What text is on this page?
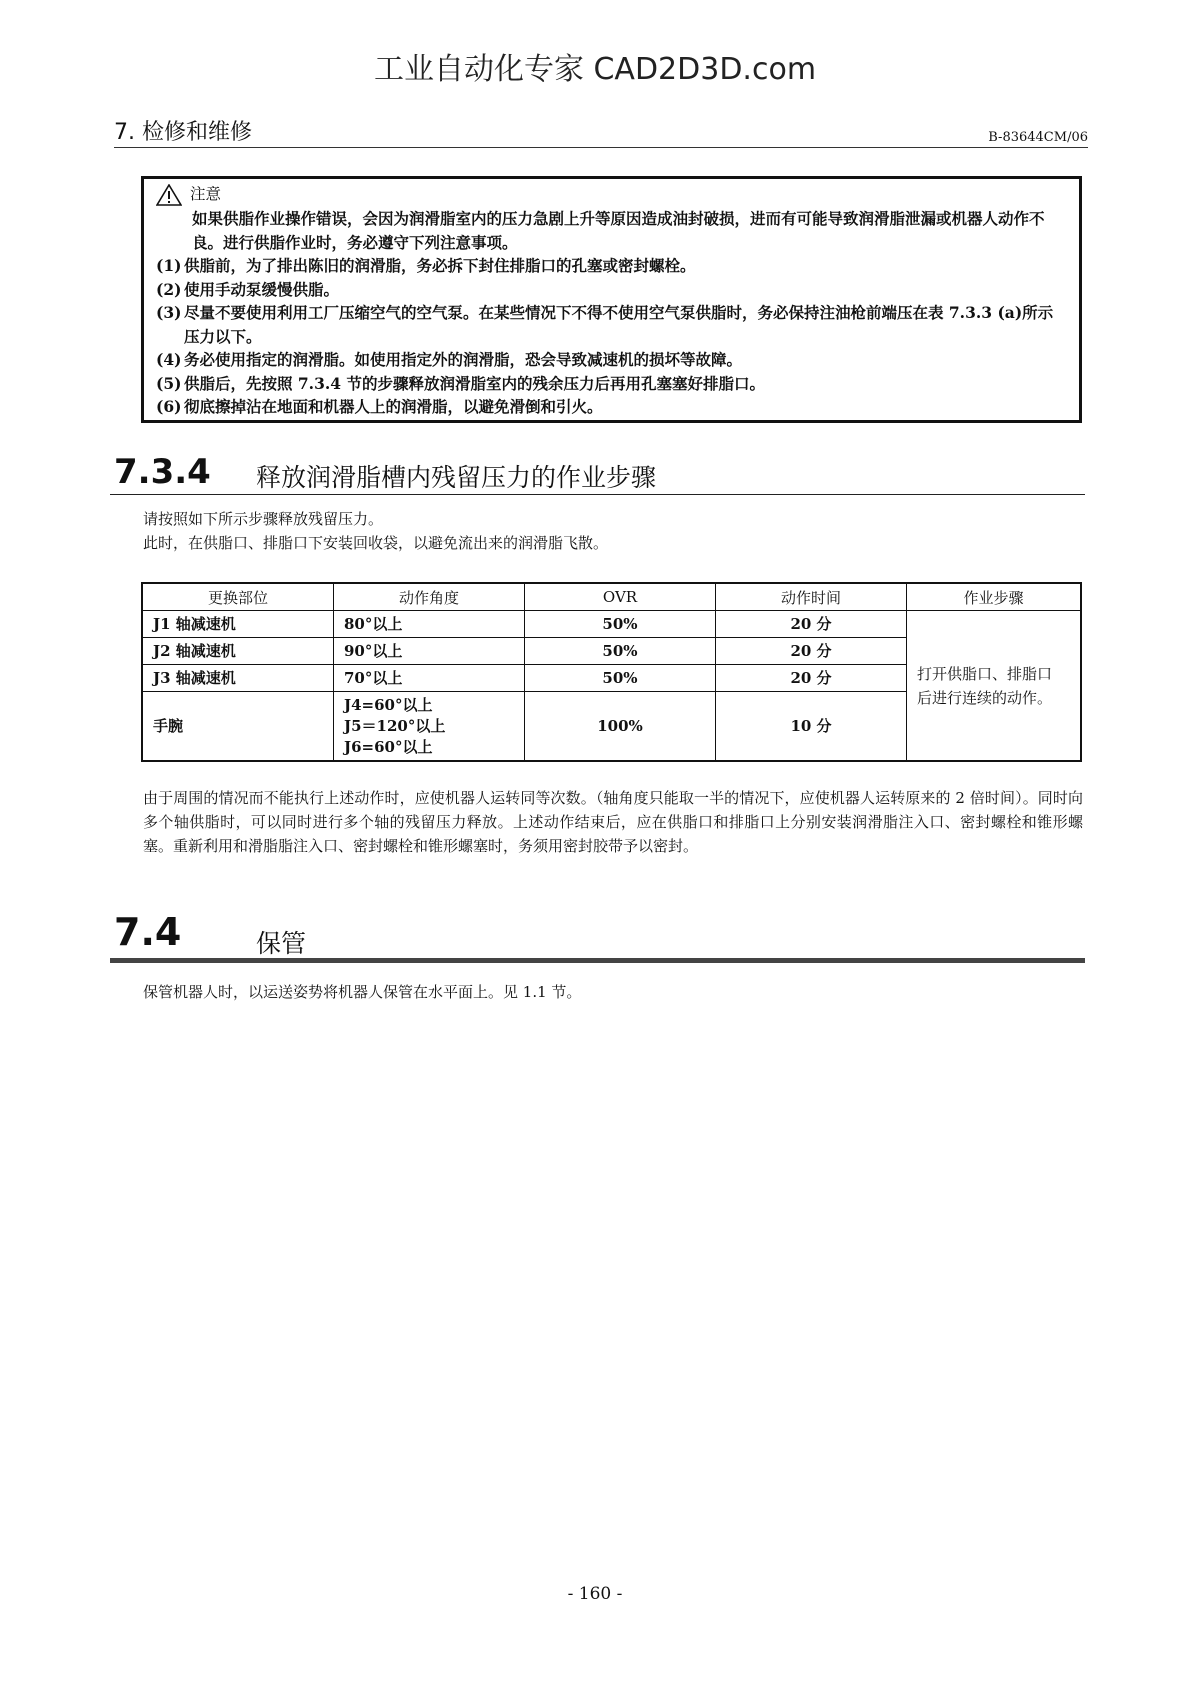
工业自动化专家 CAD2D3D.com
7. 检修和维修	B-83644CM/06
注意
如果供脂作业操作错误，会因为润滑脂室内的压力急剧上升等原因造成油封破损，进而有可能导致润滑脂泄漏或机器人动作不良。进行供脂作业时，务必遵守下列注意事项。
(1) 供脂前，为了排出陈旧的润滑脂，务必拆下封住排脂口的孔塞或密封螺栓。
(2) 使用手动泵缓慢供脂。
(3) 尽量不要使用利用工厂压缩空气的空气泵。在某些情况下不得不使用空气泵供脂时，务必保持注油枪前端压在表 7.3.3 (a)所示压力以下。
(4) 务必使用指定的润滑脂。如使用指定外的润滑脂，恐会导致减速机的损坏等故障。
(5) 供脂后，先按照 7.3.4 节的步骤释放润滑脂室内的残余压力后再用孔塞塞好排脂口。
(6) 彻底擦掉沾在地面和机器人上的润滑脂，以避免滑倒和引火。
7.3.4 释放润滑脂槽内残留压力的作业步骤
请按照如下所示步骤释放残留压力。
此时，在供脂口、排脂口下安装回收袋，以避免流出来的润滑脂飞散。
更换部位	动作角度	OVR	动作时间	作业步骤
J1 轴减速机	80°以上	50%	20 分	打开供脂口、排脂口
后进行连续的动作。

J2 轴减速机	90°以上	50%	20 分	
J3 轴减速机	70°以上	50%	20 分	
手腕	J4=60°以上
J5＝120°以上
J6=60°以上	100%	10 分	
由于周围的情况而不能执行上述动作时，应使机器人运转同等次数。（轴角度只能取一半的情况下，应使机器人运转原来的 2 倍时间）。同时向多个轴供脂时，可以同时进行多个轴的残留压力释放。上述动作结束后，应在供脂口和排脂口上分别安装润滑脂注入口、密封螺栓和锥形螺塞。重新利用和滑脂脂注入口、密封螺栓和锥形螺塞时，务须用密封胶带予以密封。
7.4	保管
保管机器人时，以运送姿势将机器人保管在水平面上。见 1.1 节。
- 160 -
